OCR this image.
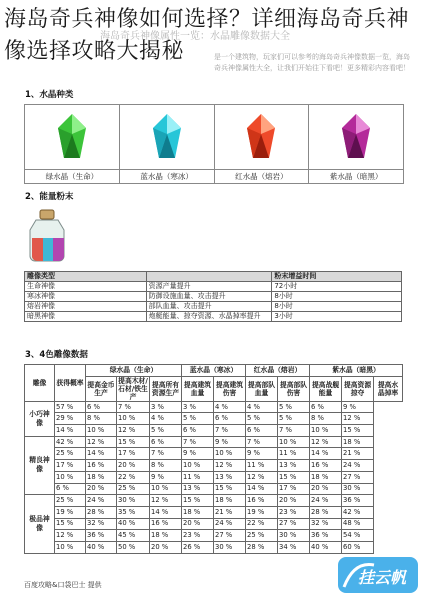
海岛奇兵神像如何选择？详细海岛奇兵神像选择攻略大揭秘
海岛奇兵神像属性一览：水晶雕像数据大全
是一个建筑物，玩家们可以参考的海岛奇兵神像数据一览，海岛奇兵神像属性大全，让我们开始往下看吧！更多精彩内容看吧！
1、水晶种类
绿水晶（生命）	蓝水晶（寒冰）	红水晶（熔岩）	紫水晶（暗黑）
2、能量粉末
雕像类型		粉末增益时间
生命神像	资源产量提升	72小时
寒冰神像	防御设施血量、攻击提升	8小时
熔岩神像	部队血量、攻击提升	8小时
暗黑神像	炮艇能量、掠夺资源、水晶掉率提升	3小时
3、4色雕像数据
雕像	获得概率	绿水晶（生命）			蓝水晶（寒冰）		红水晶（熔岩）		紫水晶（暗黑）		
		提高金币生产	提高木材/石材/铁生产	提高所有资源生产	提高建筑血量	提高建筑伤害	提高部队血量	提高部队伤害	提高战舰能量	提高资源掠夺	提高水晶掉率
小巧神像	57 %	6 %	7 %	3 %	3 %	4 %	4 %	5 %	6 %	9 %	
	29 %	8 %	10 %	4 %	5 %	6 %	5 %	5 %	8 %	12 %	
	14 %	10 %	12 %	5 %	6 %	7 %	6 %	7 %	10 %	15 %	
精良神像	42 %	12 %	15 %	6 %	7 %	9 %	7 %	10 %	12 %	18 %	
	25 %	14 %	17 %	7 %	9 %	10 %	9 %	11 %	14 %	21 %	
	17 %	16 %	20 %	8 %	10 %	12 %	11 %	13 %	16 %	24 %	
	10 %	18 %	22 %	9 %	11 %	13 %	12 %	15 %	18 %	27 %	
	6 %	20 %	25 %	10 %	13 %	15 %	14 %	17 %	20 %	30 %	
极品神像	25 %	24 %	30 %	12 %	15 %	18 %	16 %	20 %	24 %	36 %	
	19 %	28 %	35 %	14 %	18 %	21 %	19 %	23 %	28 %	42 %	
	15 %	32 %	40 %	16 %	20 %	24 %	22 %	27 %	32 %	48 %	
	12 %	36 %	45 %	18 %	23 %	27 %	25 %	30 %	36 %	54 %	
	10 %	40 %	50 %	20 %	26 %	30 %	28 %	34 %	40 %	60 %	
百度攻略&口袋巴士 提供	挂云帆
